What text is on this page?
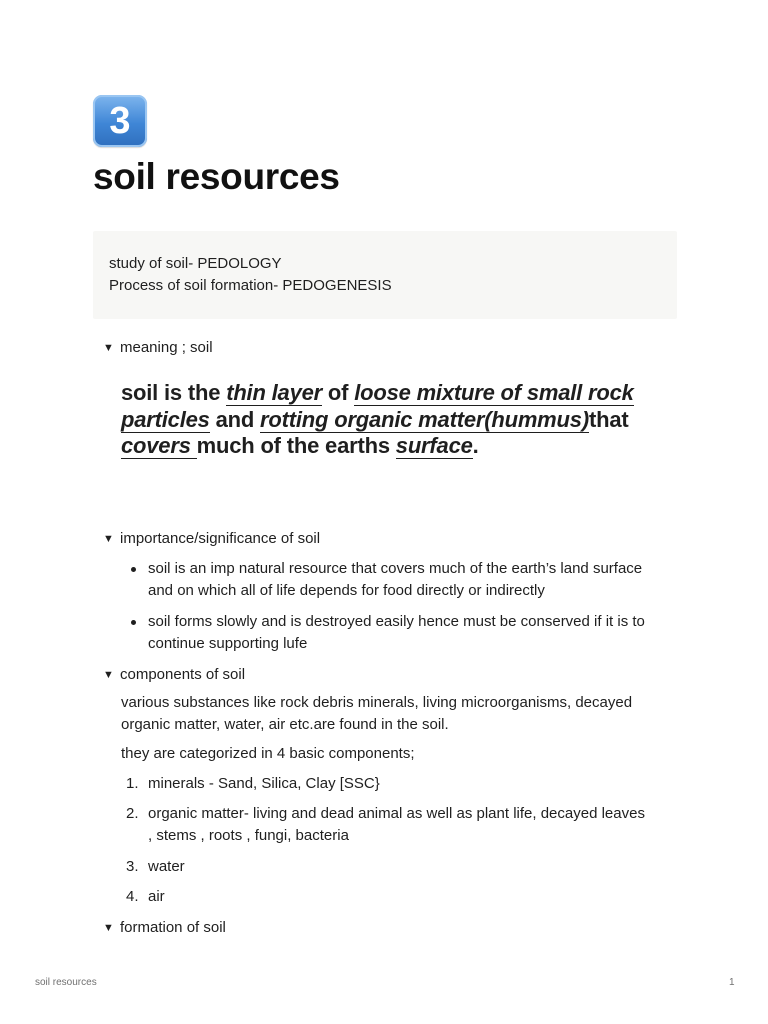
3
soil resources
study of soil- PEDOLOGY
Process of soil formation- PEDOGENESIS
▼ meaning ; soil
soil is the thin layer of loose mixture of small rock particles and rotting organic matter(hummus)that covers much of the earths surface.
▼ importance/significance of soil
soil is an imp natural resource that covers much of the earth’s land surface and on which all of life depends for food directly or indirectly
soil forms slowly and is destroyed easily hence must be conserved if it is to continue supporting lufe
▼ components of soil
various substances like rock debris minerals, living microorganisms, decayed organic matter, water, air etc.are found in the soil.
they are categorized in 4 basic components;
1. minerals - Sand, Silica, Clay [SSC}
2. organic matter- living and dead animal as well as plant life, decayed leaves , stems , roots , fungi, bacteria
3. water
4. air
▼ formation of soil
soil resources	1
